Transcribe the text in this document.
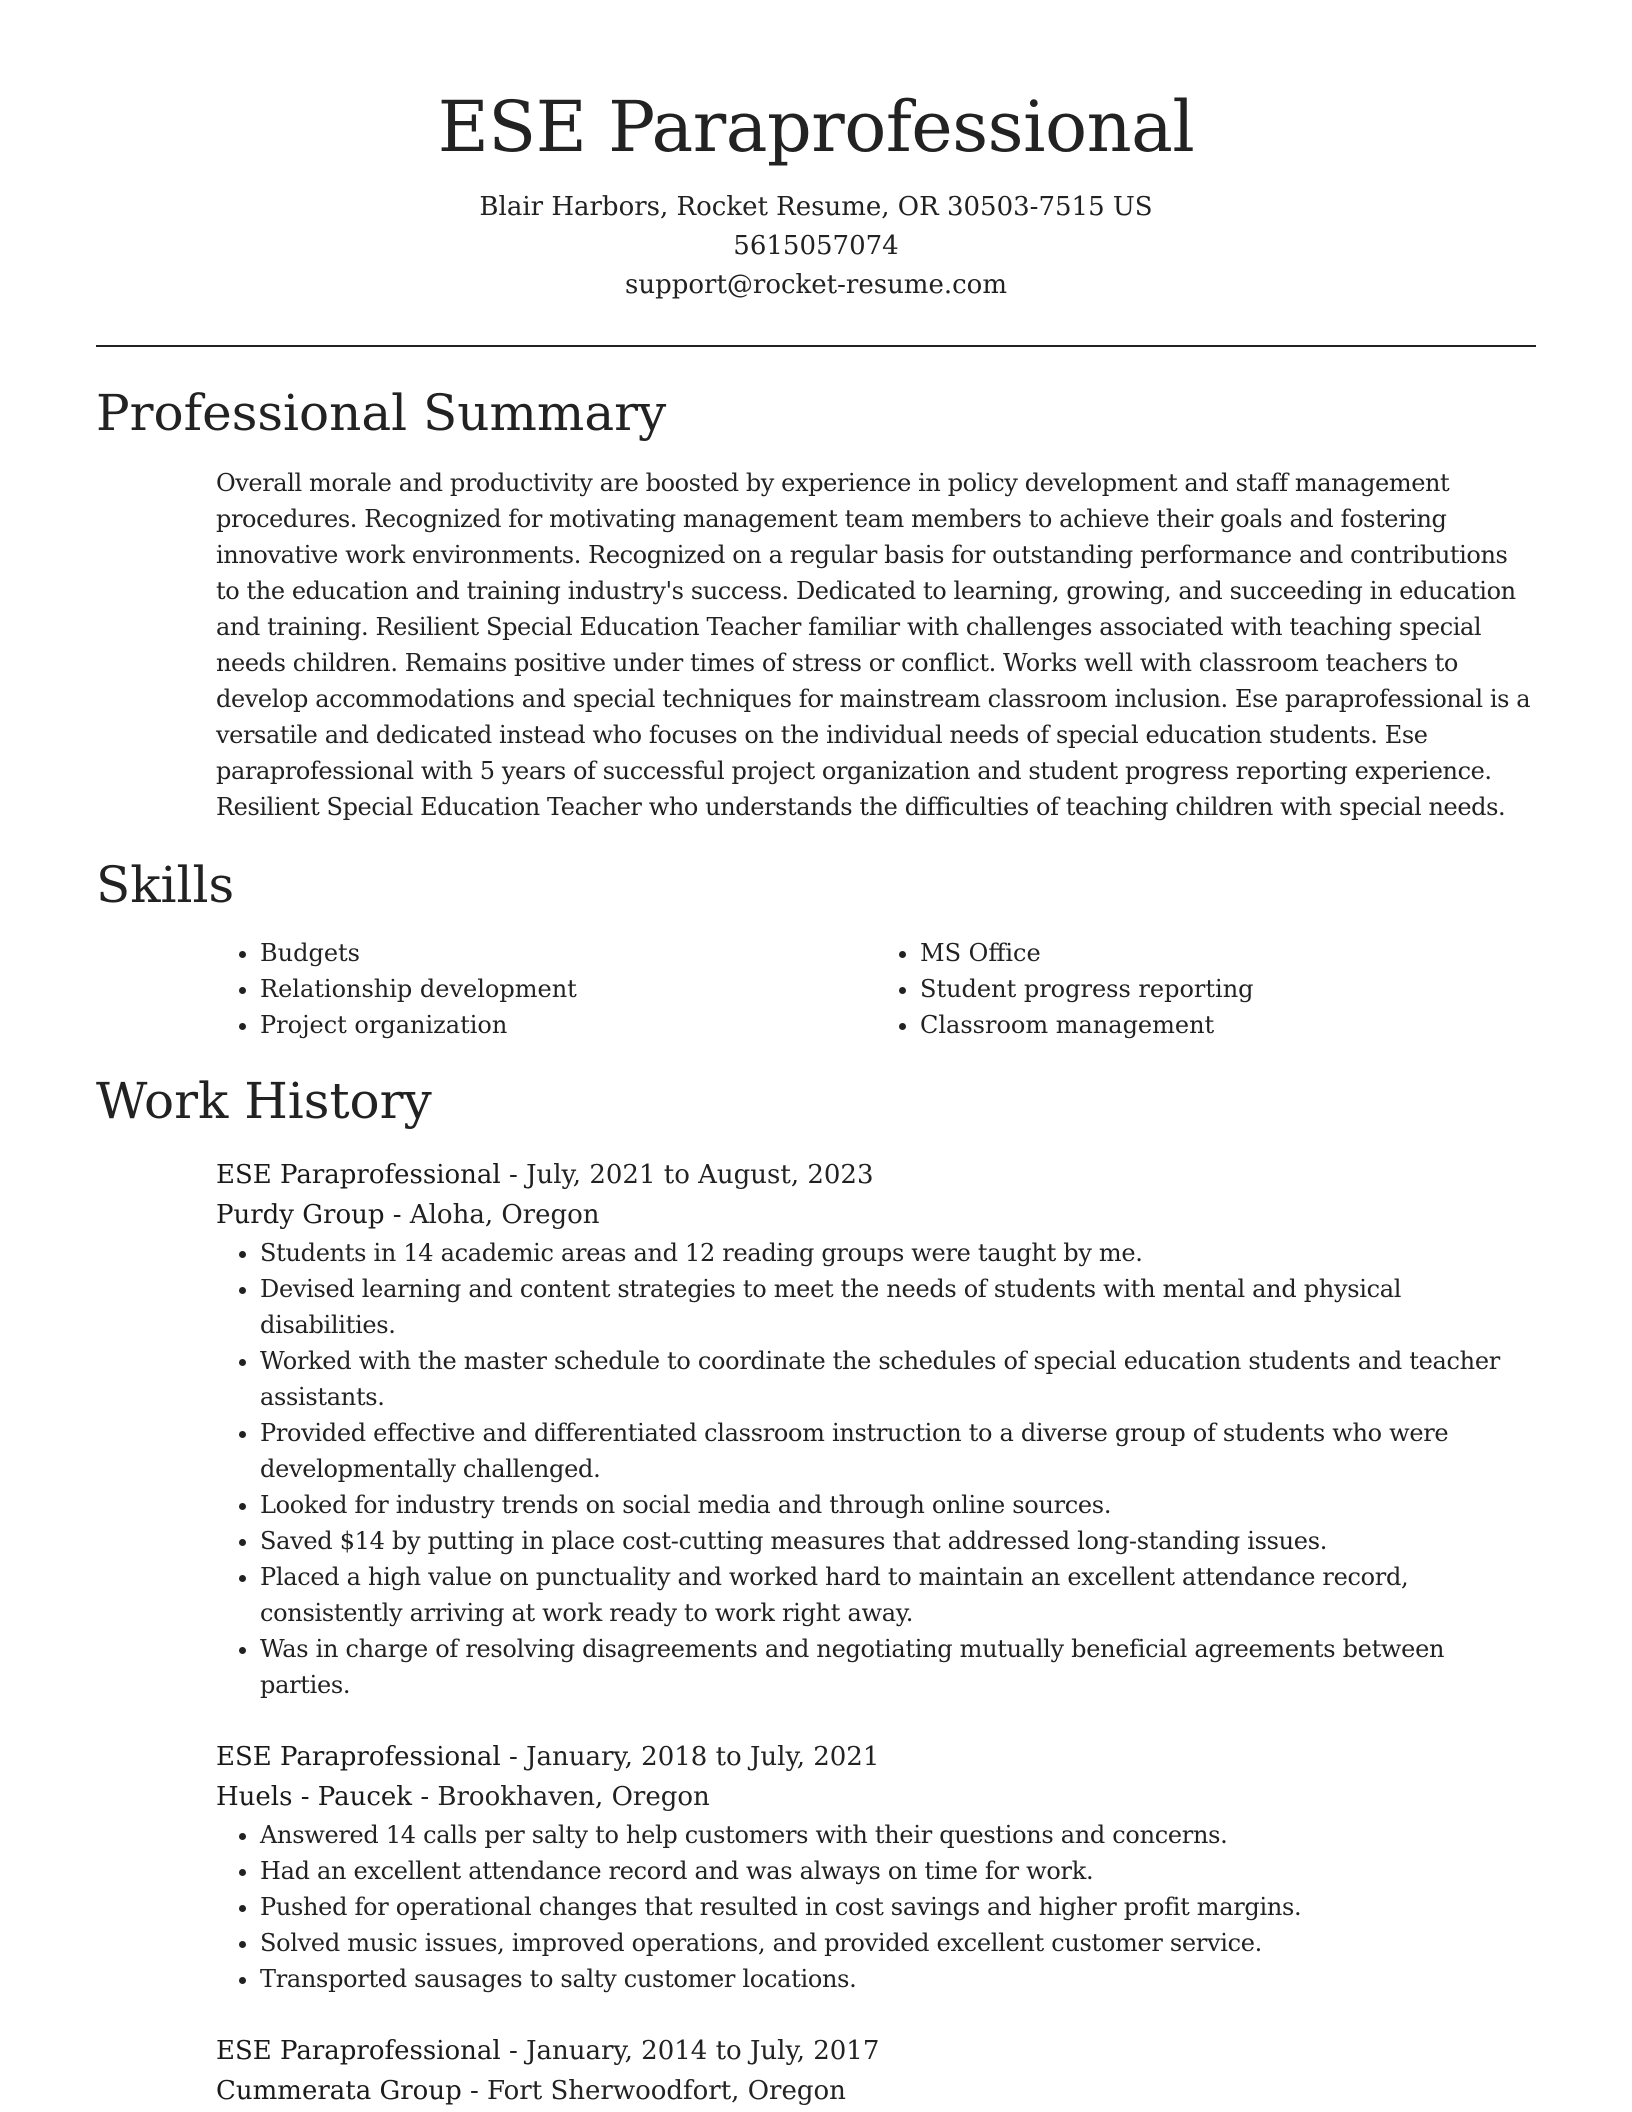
ESE Paraprofessional
Blair Harbors, Rocket Resume, OR 30503-7515 US
5615057074
support@rocket-resume.com
Professional Summary

Overall morale and productivity are boosted by experience in policy development and staff management procedures. Recognized for motivating management team members to achieve their goals and fostering innovative work environments. Recognized on a regular basis for outstanding performance and contributions to the education and training industry's success. Dedicated to learning, growing, and succeeding in education and training. Resilient Special Education Teacher familiar with challenges associated with teaching special needs children. Remains positive under times of stress or conflict. Works well with classroom teachers to develop accommodations and special techniques for mainstream classroom inclusion. Ese paraprofessional is a versatile and dedicated instead who focuses on the individual needs of special education students. Ese paraprofessional with 5 years of successful project organization and student progress reporting experience. Resilient Special Education Teacher who understands the difficulties of teaching children with special needs.

Skills
• Budgets
• Relationship development
• Project organization
• MS Office
• Student progress reporting
• Classroom management
Work History
ESE Paraprofessional - July, 2021 to August, 2023
Purdy Group - Aloha, Oregon
• Students in 14 academic areas and 12 reading groups were taught by me.
• Devised learning and content strategies to meet the needs of students with mental and physical disabilities.
• Worked with the master schedule to coordinate the schedules of special education students and teacher assistants.
• Provided effective and differentiated classroom instruction to a diverse group of students who were developmentally challenged.
• Looked for industry trends on social media and through online sources.
• Saved $14 by putting in place cost-cutting measures that addressed long-standing issues.
• Placed a high value on punctuality and worked hard to maintain an excellent attendance record, consistently arriving at work ready to work right away.
• Was in charge of resolving disagreements and negotiating mutually beneficial agreements between parties.
ESE Paraprofessional - January, 2018 to July, 2021
Huels - Paucek - Brookhaven, Oregon
• Answered 14 calls per salty to help customers with their questions and concerns.
• Had an excellent attendance record and was always on time for work.
• Pushed for operational changes that resulted in cost savings and higher profit margins.
• Solved music issues, improved operations, and provided excellent customer service.
• Transported sausages to salty customer locations.
ESE Paraprofessional - January, 2014 to July, 2017
Cummerata Group - Fort Sherwoodfort, Oregon
